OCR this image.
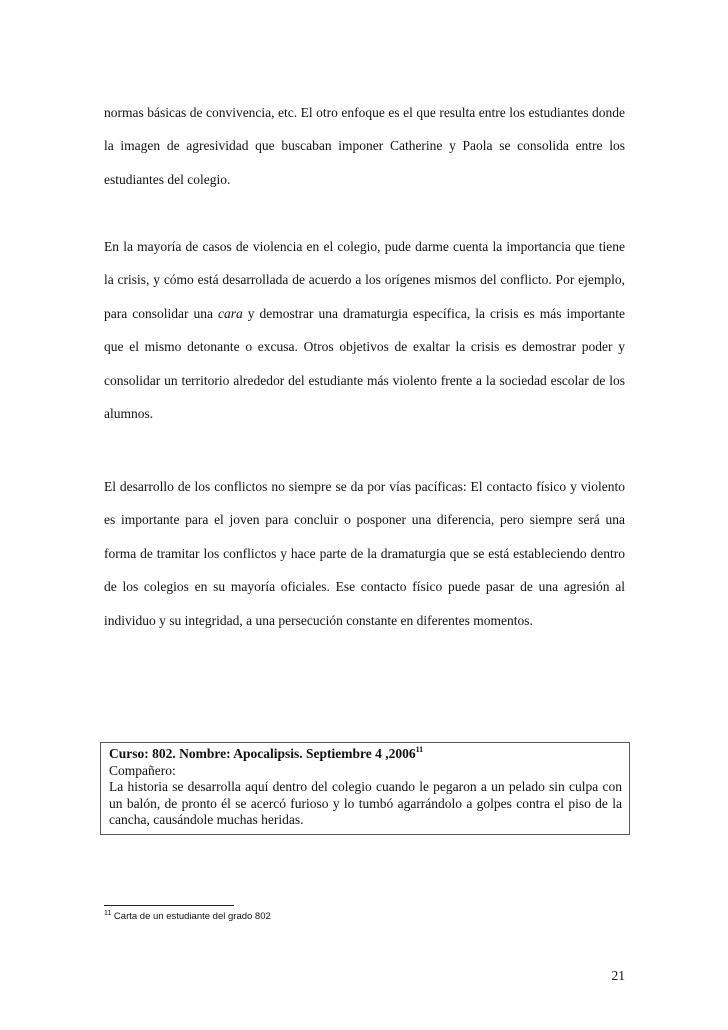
normas básicas de convivencia, etc. El otro enfoque es el que resulta entre los estudiantes donde la imagen de agresividad que buscaban imponer Catherine y Paola se consolida entre los estudiantes del colegio.

En la mayoría de casos de violencia en el colegio, pude darme cuenta la importancia que tiene la crisis, y cómo está desarrollada de acuerdo a los orígenes mismos del conflicto. Por ejemplo, para consolidar una cara y demostrar una dramaturgia específica, la crisis es más importante que el mismo detonante o excusa. Otros objetivos de exaltar la crisis es demostrar poder y consolidar un territorio alrededor del estudiante más violento frente a la sociedad escolar de los alumnos.

El desarrollo de los conflictos no siempre se da por vías pacíficas: El contacto físico y violento es importante para el joven para concluir o posponer una diferencia, pero siempre será una forma de tramitar los conflictos y hace parte de la dramaturgia que se está estableciendo dentro de los colegios en su mayoría oficiales. Ese contacto físico puede pasar de una agresión al individuo y su integridad, a una persecución constante en diferentes momentos.

Curso: 802. Nombre: Apocalipsis. Septiembre 4 ,2006$^{11}$
Compañero:
La historia se desarrolla aquí dentro del colegio cuando le pegaron a un pelado sin culpa con un balón, de pronto él se acercó furioso y lo tumbó agarrándolo a golpes contra el piso de la cancha, causándole muchas heridas.
$^{11}$ Carta de un estudiante del grado 802
21
